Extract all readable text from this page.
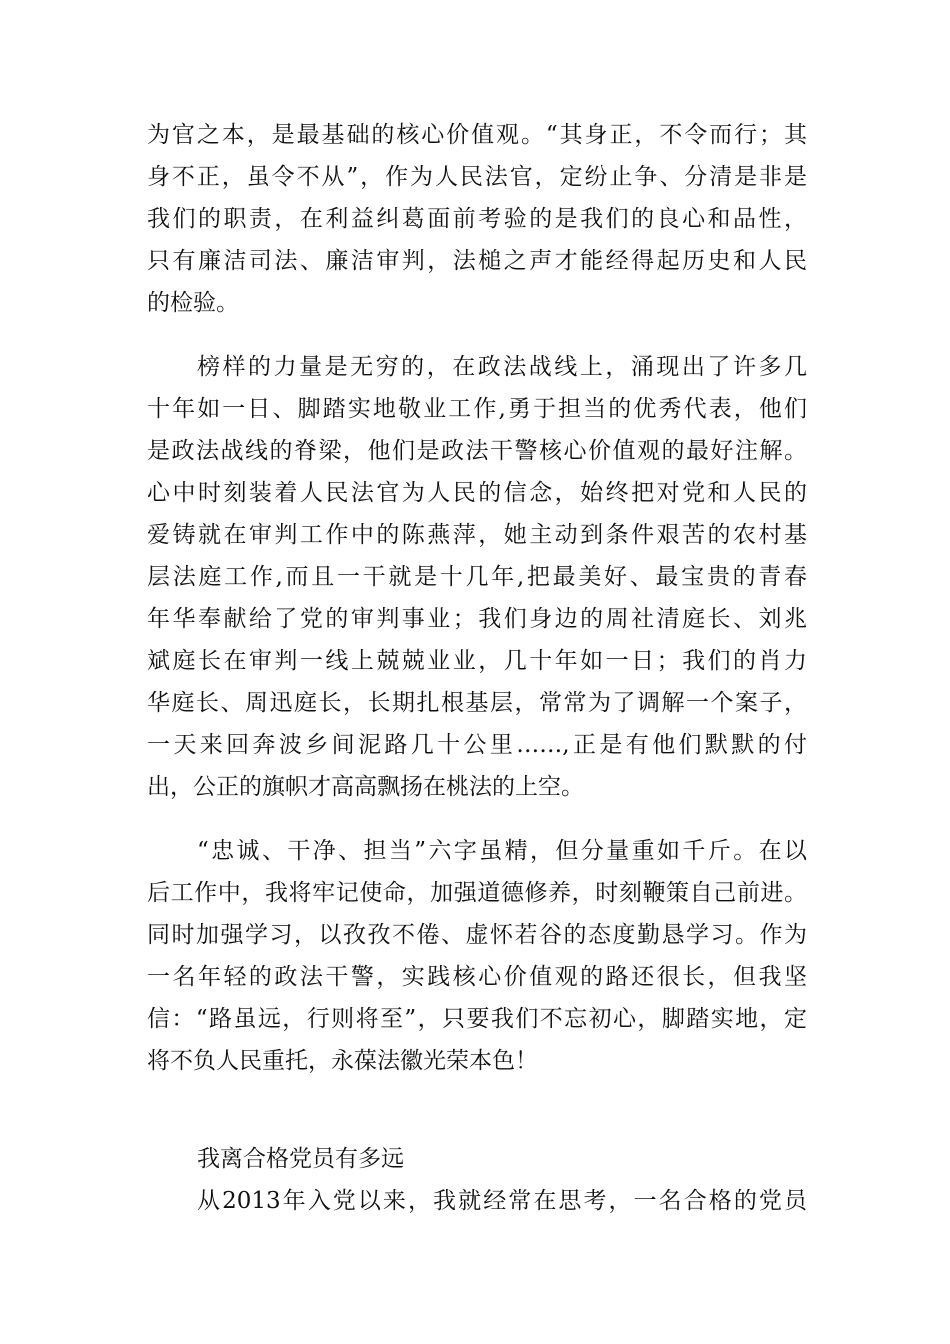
为官之本，是最基础的核心价值观。“其身正，不令而行；其
身不正，虽令不从”，作为人民法官，定纷止争、分清是非是
我们的职责，在利益纠葛面前考验的是我们的良心和品性，
只有廉洁司法、廉洁审判，法槌之声才能经得起历史和人民
的检验。
榜样的力量是无穷的，在政法战线上，涌现出了许多几
十年如一日、脚踏实地敬业工作,勇于担当的优秀代表，他们
是政法战线的脊梁，他们是政法干警核心价值观的最好注解。
心中时刻装着人民法官为人民的信念，始终把对党和人民的
爱铸就在审判工作中的陈燕萍，她主动到条件艰苦的农村基
层法庭工作,而且一干就是十几年,把最美好、最宝贵的青春
年华奉献给了党的审判事业；我们身边的周社清庭长、刘兆
斌庭长在审判一线上兢兢业业，几十年如一日；我们的肖力
华庭长、周迅庭长，长期扎根基层，常常为了调解一个案子，
一天来回奔波乡间泥路几十公里……,正是有他们默默的付
出，公正的旗帜才高高飘扬在桃法的上空。
“忠诚、干净、担当”六字虽精，但分量重如千斤。在以
后工作中，我将牢记使命，加强道德修养，时刻鞭策自己前进。
同时加强学习，以孜孜不倦、虚怀若谷的态度勤恳学习。作为
一名年轻的政法干警，实践核心价值观的路还很长，但我坚
信：“路虽远，行则将至”，只要我们不忘初心，脚踏实地，定
将不负人民重托，永葆法徽光荣本色！
我离合格党员有多远
从2013年入党以来，我就经常在思考，一名合格的党员
